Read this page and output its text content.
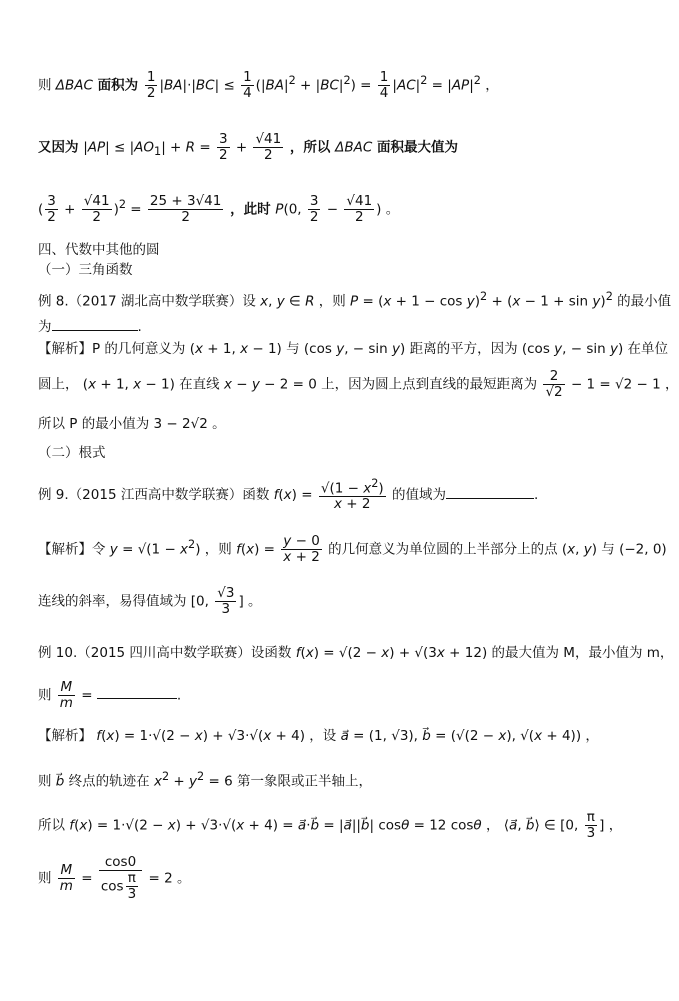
则 ΔBAC 面积为 $\frac{1}{2} |BA|\cdot|BC| \le \frac{1}{4} (|BA|^2 + |BC|^2) = \frac{1}{4} |AC|^2 = |AP|^2$ ，
又因为 $|AP| \le |AO_1| + R = \frac{3}{2} + \frac{√41}{2}$ ，所以 ΔBAC 面积最大值为
( $\frac{3}{2} + \frac{√41}{2} )^2 = \frac{25 + 3√41}{2}$ ，此时 P(0, $\frac{3}{2} - \frac{√41}{2}$ ) 。
四、代数中其他的圆
（一）三角函数
例 8.（2017 湖北高中数学联赛）设 x, y ∈ R ，则 $P = (x + 1 - \cos y)^2 + (x - 1 + \sin y)^2$ 的最小值
为	.
【解析】P 的几何意义为 (x + 1, x − 1) 与 (cos y, − sin y) 距离的平方，因为 (cos y, − sin y) 在单位
圆上， (x + 1, x − 1) 在直线 x − y − 2 = 0 上，因为圆上点到直线的最短距离为 $\frac{2}{√2} - 1 = √2 - 1$ ，
所以 P 的最小值为 3 − 2√2 。
（二）根式
例 9.（2015 江西高中数学联赛）函数 $f(x) = \frac{√(1 - x^2)}{x + 2}$ 的值域为	.
【解析】令 $y = √(1 - x^2)$ ，则 $f(x) = \frac{y - 0}{x + 2}$ 的几何意义为单位圆的上半部分上的点 (x, y) 与 (−2, 0)
连线的斜率，易得值域为 [0, $\frac{√3}{3}$ ] 。
例 10.（2015 四川高中数学联赛）设函数 f(x) = √(2 − x) + √(3x + 12) 的最大值为 M，最小值为 m，
则 $\frac{M}{m}$ =	.
【解析】 f(x) = 1·√(2 − x) + √3·√(x + 4) ，设 a⃗ = (1, √3), b⃗ = (√(2 − x), √(x + 4)) ，
则 b⃗ 终点的轨迹在 $x^2 + y^2 = 6$ 第一象限或正半轴上，
所以 f(x) = 1·√(2 − x) + √3·√(x + 4) = a⃗·b⃗ = |a⃗||b⃗| cosθ = 12 cosθ ， ⟨a⃗, b⃗⟩ ∈ [0, $\frac{\pi}{3}$ ] ，
则 $\frac{M}{m} = \frac{\cos 0}{\cos \frac{\pi}{3}} = 2$ 。
